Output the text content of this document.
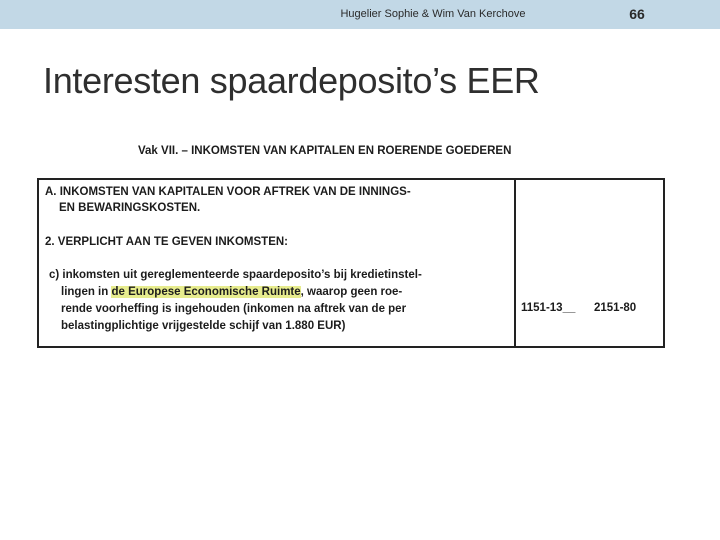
Hugelier Sophie & Wim Van Kerchove	66
Interesten spaardeposito’s EER
Vak VII. – INKOMSTEN VAN KAPITALEN EN ROERENDE GOEDEREN
A. INKOMSTEN VAN KAPITALEN VOOR AFTREK VAN DE INNINGS-
EN BEWARINGSKOSTEN.
2. VERPLICHT AAN TE GEVEN INKOMSTEN:
c) inkomsten uit gereglementeerde spaardeposito’s bij kredietinstel-
lingen in de Europese Economische Ruimte, waarop geen roe-
rende voorheffing is ingehouden (inkomen na aftrek van de per
belastingplichtige vrijgestelde schijf van 1.880 EUR)
1151-13__ 2151-80
